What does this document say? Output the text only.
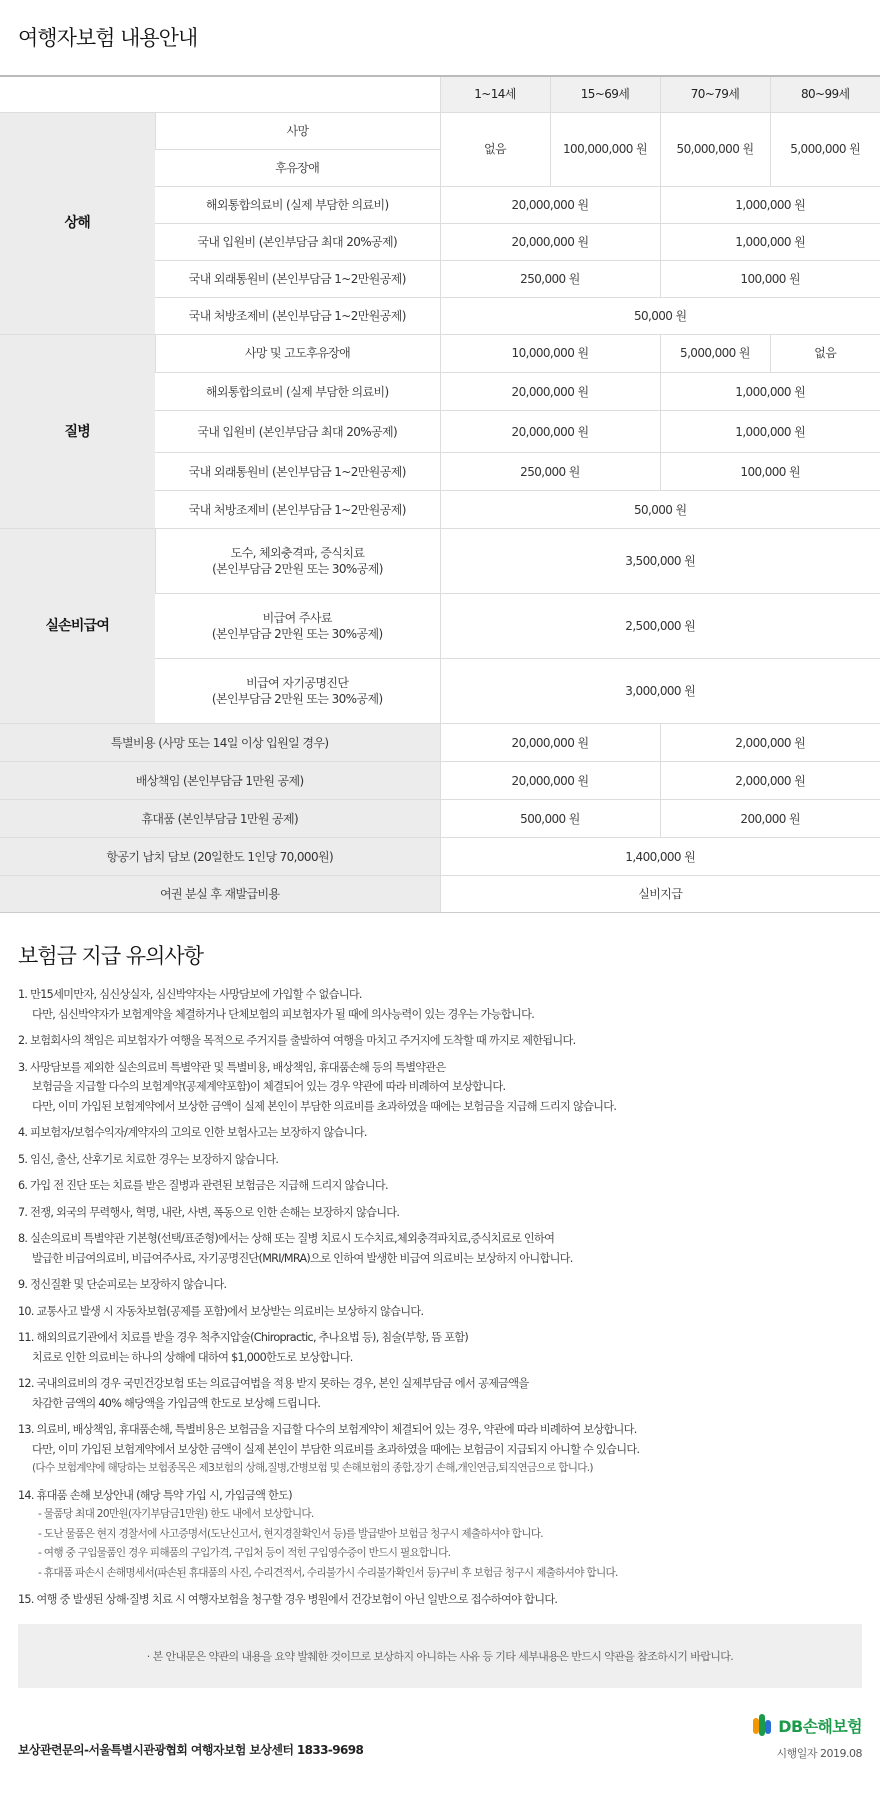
여행자보험 내용안내
		1~14세	15~69세	70~79세	80~99세
상해	사망	없음	100,000,000 원	50,000,000 원	5,000,000 원
	후유장애				
	해외통합의료비 (실제 부담한 의료비)	20,000,000 원		1,000,000 원	
	국내 입원비 (본인부담금 최대 20%공제)	20,000,000 원		1,000,000 원	
	국내 외래통원비 (본인부담금 1~2만원공제)	250,000 원		100,000 원	
	국내 처방조제비 (본인부담금 1~2만원공제)	50,000 원			

질병	사망 및 고도후유장애	10,000,000 원		5,000,000 원	없음
	해외통합의료비 (실제 부담한 의료비)	20,000,000 원		1,000,000 원	
	국내 입원비 (본인부담금 최대 20%공제)	20,000,000 원		1,000,000 원	
	국내 외래통원비 (본인부담금 1~2만원공제)	250,000 원		100,000 원	
	국내 처방조제비 (본인부담금 1~2만원공제)	50,000 원			
실손비급여	도수, 체외충격파, 증식치료
(본인부담금 2만원 또는 30%공제)	3,500,000 원			

	비급여 주사료
(본인부담금 2만원 또는 30%공제)	2,500,000 원			

	비급여 자기공명진단
(본인부담금 2만원 또는 30%공제)	3,000,000 원			
특별비용 (사망 또는 14일 이상 입원일 경우)		20,000,000 원		2,000,000 원	
배상책임 (본인부담금 1만원 공제)		20,000,000 원		2,000,000 원	
휴대품 (본인부담금 1만원 공제)		500,000 원		200,000 원	
항공기 납치 담보 (20일한도 1인당 70,000원)		1,400,000 원			
여권 분실 후 재발급비용		실비지급			
보험금 지급 유의사항
1. 만15세미만자, 심신상실자, 심신박약자는 사망담보에 가입할 수 없습니다.
다만, 심신박약자가 보험계약을 체결하거나 단체보험의 피보험자가 될 때에 의사능력이 있는 경우는 가능합니다.
2. 보험회사의 책임은 피보험자가 여행을 목적으로 주거지를 출발하여 여행을 마치고 주거지에 도착할 때 까지로 제한됩니다.
3. 사망담보를 제외한 실손의료비 특별약관 및 특별비용, 배상책임, 휴대품손해 등의 특별약관은
보험금을 지급할 다수의 보험계약(공제계약포함)이 체결되어 있는 경우 약관에 따라 비례하여 보상합니다.
다만, 이미 가입된 보험계약에서 보상한 금액이 실제 본인이 부담한 의료비를 초과하였을 때에는 보험금을 지급해 드리지 않습니다.
4. 피보험자/보험수익자/계약자의 고의로 인한 보험사고는 보장하지 않습니다.
5. 임신, 출산, 산후기로 치료한 경우는 보장하지 않습니다.
6. 가입 전 진단 또는 치료를 받은 질병과 관련된 보험금은 지급해 드리지 않습니다.
7. 전쟁, 외국의 무력행사, 혁명, 내란, 사변, 폭동으로 인한 손해는 보장하지 않습니다.
8. 실손의료비 특별약관 기본형(선택/표준형)에서는 상해 또는 질병 치료시 도수치료,체외충격파치료,증식치료로 인하여
발급한 비급여의료비, 비급여주사료, 자기공명진단(MRI/MRA)으로 인하여 발생한 비급여 의료비는 보상하지 아니합니다.
9. 정신질환 및 단순피로는 보장하지 않습니다.
10. 교통사고 발생 시 자동차보험(공제를 포함)에서 보상받는 의료비는 보상하지 않습니다.
11. 해외의료기관에서 치료를 받을 경우 척추지압술(Chiropractic, 추나요법 등), 침술(부항, 뜸 포함)
치료로 인한 의료비는 하나의 상해에 대하여 $1,000한도로 보상합니다.
12. 국내의료비의 경우 국민건강보험 또는 의료급여법을 적용 받지 못하는 경우, 본인 실제부담금 에서 공제금액을
차감한 금액의 40% 해당액을 가입금액 한도로 보상해 드립니다.
13. 의료비, 배상책임, 휴대품손해, 특별비용은 보험금을 지급할 다수의 보험계약이 체결되어 있는 경우, 약관에 따라 비례하여 보상합니다.
다만, 이미 가입된 보험계약에서 보상한 금액이 실제 본인이 부담한 의료비를 초과하였을 때에는 보험금이 지급되지 아니할 수 있습니다.
(다수 보험계약에 해당하는 보험종목은 제3보험의 상해,질병,간병보험 및 손해보험의 종합,장기 손해,개인연금,퇴직연금으로 합니다.)
14. 휴대품 손해 보상안내 (해당 특약 가입 시, 가입금액 한도)
- 물품당 최대 20만원(자기부담금1만원) 한도 내에서 보상합니다.
- 도난 물품은 현지 경찰서에 사고증명서(도난신고서, 현지경찰확인서 등)를 발급받아 보험금 청구시 제출하셔야 합니다.
- 여행 중 구입물품인 경우 피해품의 구입가격, 구입처 등이 적힌 구입영수증이 반드시 필요합니다.
- 휴대품 파손시 손해명세서(파손된 휴대품의 사진, 수리견적서, 수리불가시 수리불가확인서 등)구비 후 보험금 청구시 제출하셔야 합니다.
15. 여행 중 발생된 상해·질병 치료 시 여행자보험을 청구할 경우 병원에서 건강보험이 아닌 일반으로 접수하여야 합니다.
· 본 안내문은 약관의 내용을 요약 발췌한 것이므로 보상하지 아니하는 사유 등 기타 세부내용은 반드시 약관을 참조하시기 바랍니다.
보상관련문의-서울특별시관광협회 여행자보험 보상센터 1833-9698
DB손해보험
시행일자 2019.08
